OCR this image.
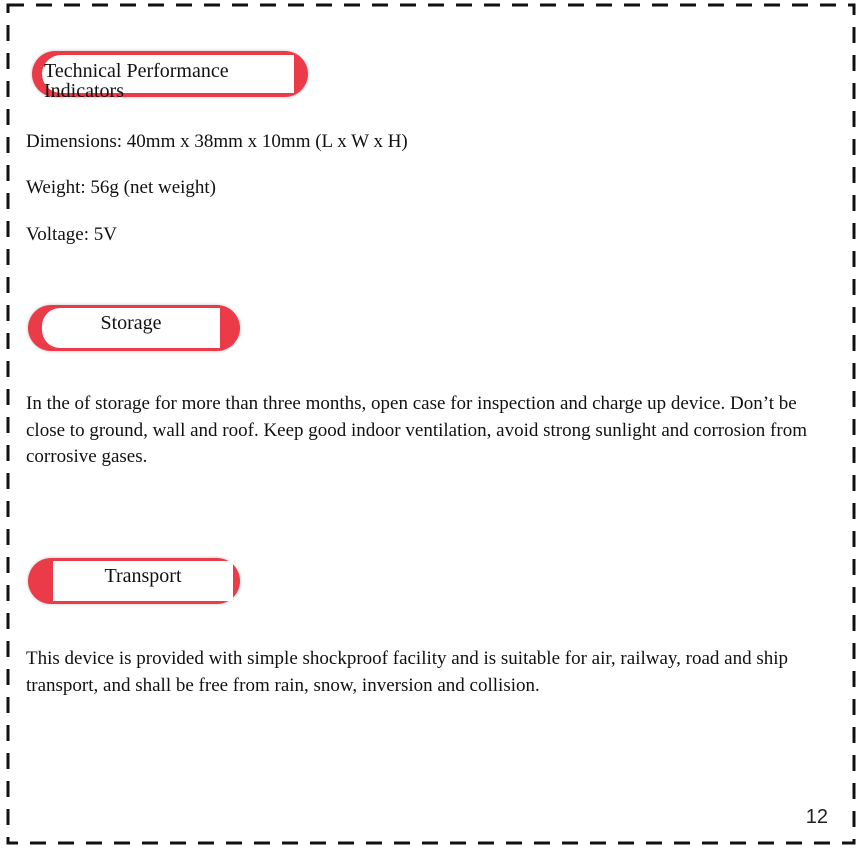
Technical Performance Indicators

Dimensions: 40mm x 38mm x 10mm (L x W x H)

Weight: 56g (net weight)

Voltage: 5V

Storage

In the of storage for more than three months, open case for inspection and charge up device. Don’t be close to ground, wall and roof. Keep good indoor ventilation, avoid strong sunlight and corrosion from corrosive gases.

Transport

This device is provided with simple shockproof facility and is suitable for air, railway, road and ship transport, and shall be free from rain, snow, inversion and collision.

12
